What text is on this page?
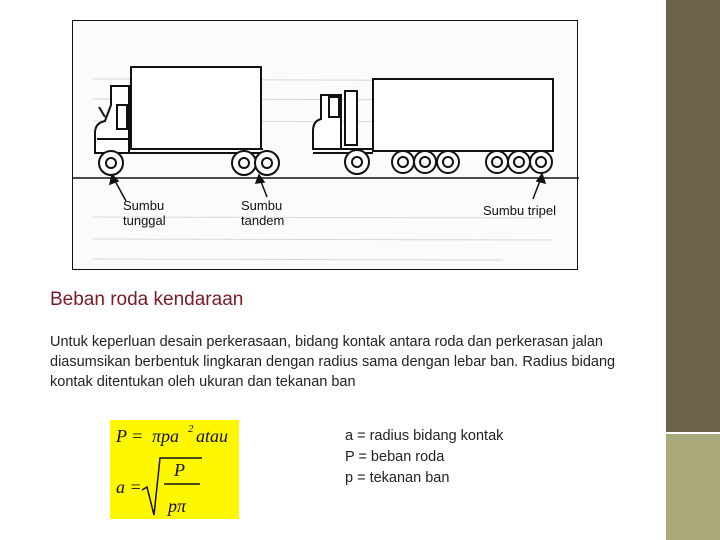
Sumbu
tunggal
Sumbu
tandem
Sumbu tripel
Beban roda kendaraan

Untuk keperluan desain perkerasaan, bidang kontak antara roda dan perkerasan jalan diasumsikan berbentuk lingkaran dengan radius sama dengan lebar ban. Radius bidang kontak ditentukan oleh ukuran dan tekanan ban

P = πpa 2 atau
a =
P
pπ
a = radius bidang kontak
P = beban roda
p = tekanan ban
